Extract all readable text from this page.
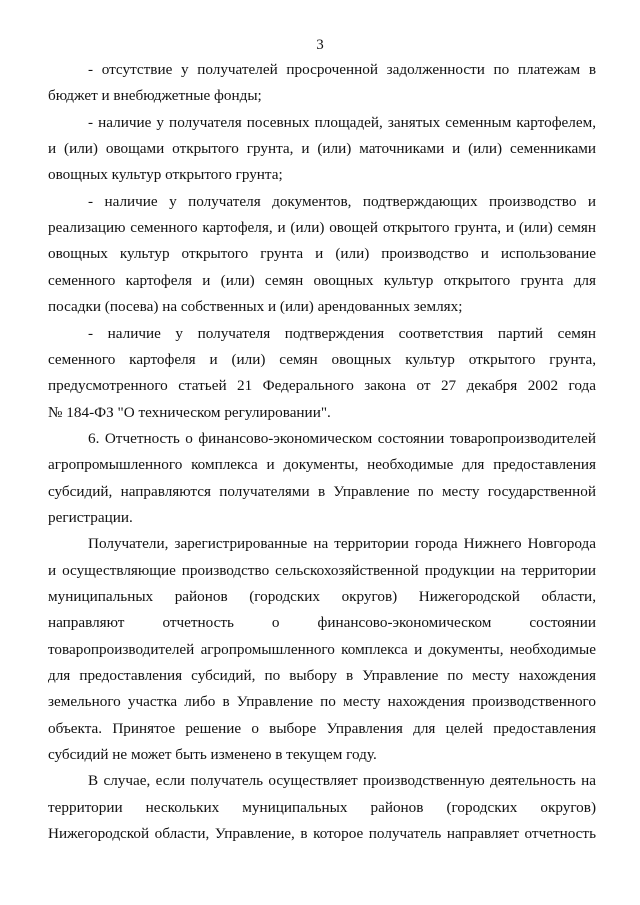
3
- отсутствие у получателей просроченной задолженности по платежам в
бюджет и внебюджетные фонды;
- наличие у получателя посевных площадей, занятых семенным картофелем,
и (или) овощами открытого грунта, и (или) маточниками и (или) семенниками
овощных культур открытого грунта;
- наличие у получателя документов, подтверждающих производство и
реализацию семенного картофеля, и (или) овощей открытого грунта, и (или) семян
овощных культур открытого грунта и (или) производство и использование
семенного картофеля и (или) семян овощных культур открытого грунта для
посадки (посева) на собственных и (или) арендованных землях;
- наличие у получателя подтверждения соответствия партий семян
семенного картофеля и (или) семян овощных культур открытого грунта,
предусмотренного статьей 21 Федерального закона от 27 декабря 2002 года
№ 184-ФЗ "О техническом регулировании".
6. Отчетность о финансово-экономическом состоянии товаропроизводителей
агропромышленного комплекса и документы, необходимые для предоставления
субсидий, направляются получателями в Управление по месту государственной
регистрации.
Получатели, зарегистрированные на территории города Нижнего Новгорода
и осуществляющие производство сельскохозяйственной продукции на территории
муниципальных районов (городских округов) Нижегородской области,
направляют отчетность о финансово-экономическом состоянии
товаропроизводителей агропромышленного комплекса и документы, необходимые
для предоставления субсидий, по выбору в Управление по месту нахождения
земельного участка либо в Управление по месту нахождения производственного
объекта. Принятое решение о выборе Управления для целей предоставления
субсидий не может быть изменено в текущем году.
В случае, если получатель осуществляет производственную деятельность на
территории нескольких муниципальных районов (городских округов)
Нижегородской области, Управление, в которое получатель направляет отчетность
